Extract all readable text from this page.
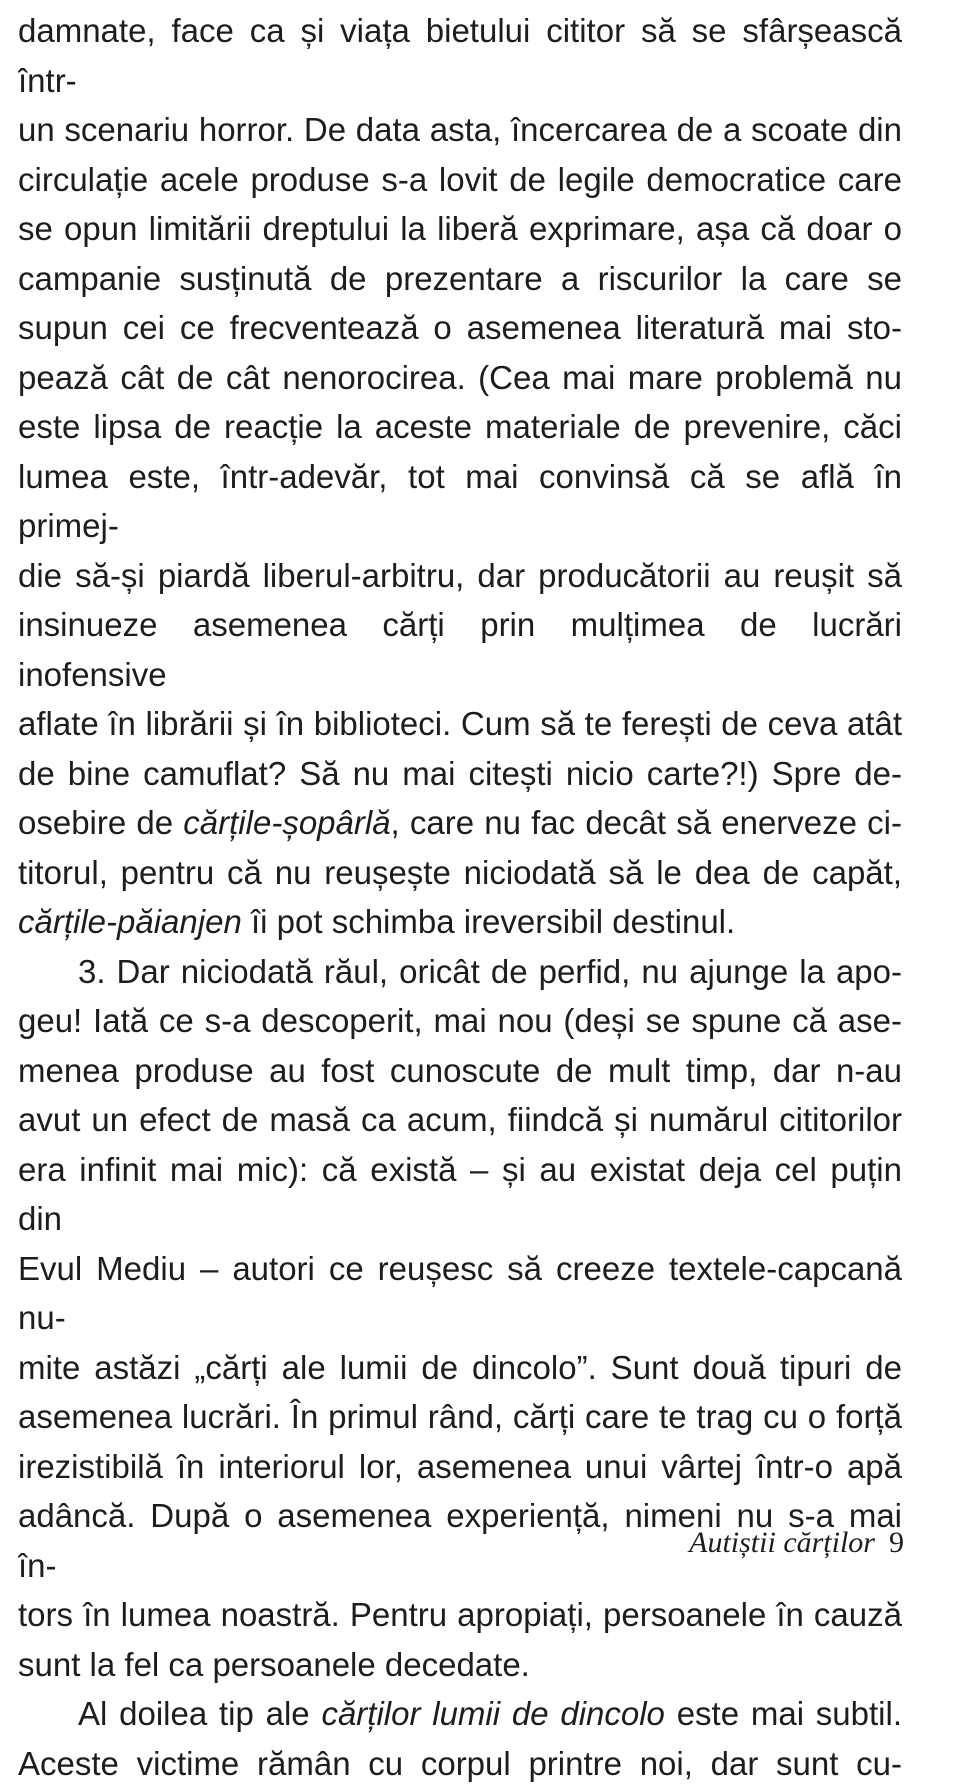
damnate, face ca și viața bietului cititor să se sfârșească într-
un scenariu horror. De data asta, încercarea de a scoate din
circulație acele produse s-a lovit de legile democratice care
se opun limitării dreptului la liberă exprimare, așa că doar o
campanie susținută de prezentare a riscurilor la care se
supun cei ce frecventează o asemenea literatură mai sto-
pează cât de cât nenorocirea. (Cea mai mare problemă nu
este lipsa de reacție la aceste materiale de prevenire, căci
lumea este, într-adevăr, tot mai convinsă că se află în primej-
die să-și piardă liberul-arbitru, dar producătorii au reușit să
insinueze asemenea cărți prin mulțimea de lucrări inofensive
aflate în librării și în biblioteci. Cum să te ferești de ceva atât
de bine camuflat? Să nu mai citești nicio carte?!) Spre de-
osebire de cărțile-șopârlă, care nu fac decât să enerveze ci-
titorul, pentru că nu reușește niciodată să le dea de capăt,
cărțile-păianjen îi pot schimba ireversibil destinul.
3. Dar niciodată răul, oricât de perfid, nu ajunge la apo-
geu! Iată ce s-a descoperit, mai nou (deși se spune că ase-
menea produse au fost cunoscute de mult timp, dar n-au
avut un efect de masă ca acum, fiindcă și numărul cititorilor
era infinit mai mic): că există – și au existat deja cel puțin din
Evul Mediu – autori ce reușesc să creeze textele-capcană nu-
mite astăzi „cărți ale lumii de dincolo”. Sunt două tipuri de
asemenea lucrări. În primul rând, cărți care te trag cu o forță
irezistibilă în interiorul lor, asemenea unui vârtej într-o apă
adâncă. După o asemenea experiență, nimeni nu s-a mai în-
tors în lumea noastră. Pentru apropiați, persoanele în cauză
sunt la fel ca persoanele decedate.
Al doilea tip ale cărților lumii de dincolo este mai subtil.
Aceste victime rămân cu corpul printre noi, dar sunt cu-
Autiștii cărților 9
